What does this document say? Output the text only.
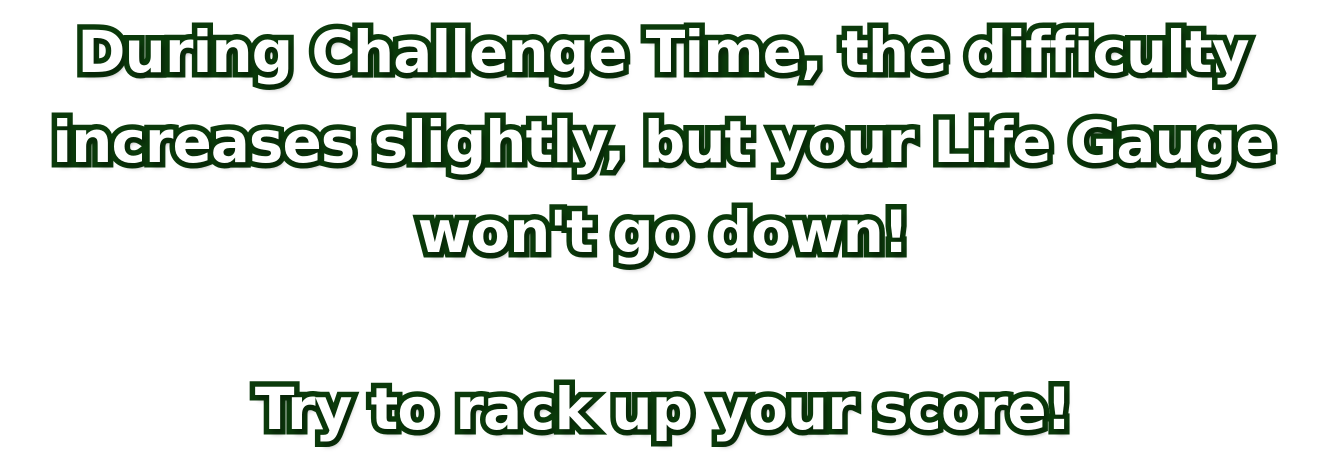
During Challenge Time, the difficulty
increases slightly, but your Life Gauge
won't go down!
Try to rack up your score!
